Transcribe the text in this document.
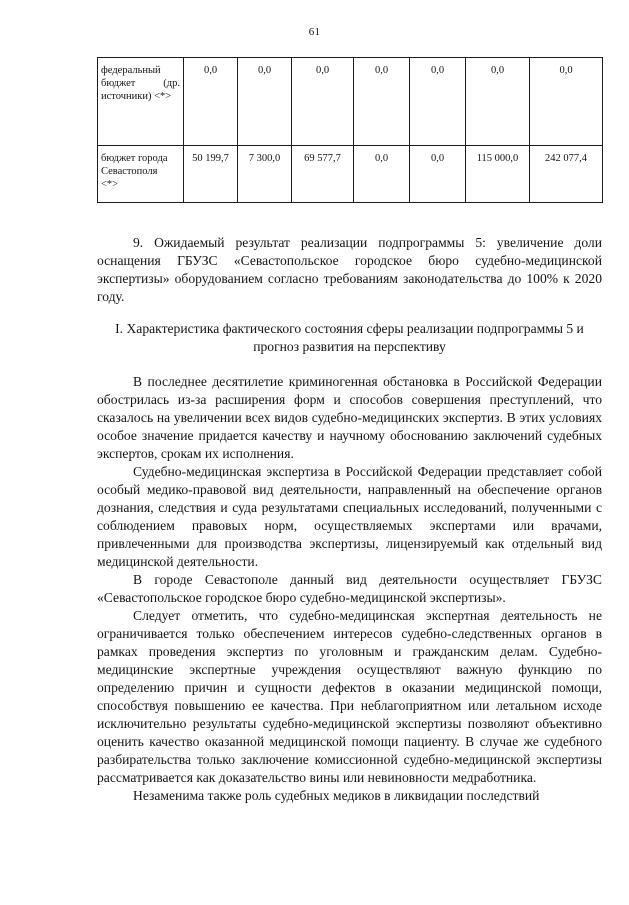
61
федеральный
бюджет (др.
источники) <*>	0,0	0,0	0,0	0,0	0,0	0,0	0,0

бюджет города
Севастополя
<*>	50 199,7	7 300,0	69 577,7	0,0	0,0	115 000,0	242 077,4

9. Ожидаемый результат реализации подпрограммы 5: увеличение доли оснащения ГБУЗС «Севастопольское городское бюро судебно-медицинской экспертизы» оборудованием согласно требованиям законодательства до 100% к 2020 году.

I. Характеристика фактического состояния сферы реализации подпрограммы 5 и прогноз развития на перспективу

В последнее десятилетие криминогенная обстановка в Российской Федерации обострилась из-за расширения форм и способов совершения преступлений, что сказалось на увеличении всех видов судебно-медицинских экспертиз. В этих условиях особое значение придается качеству и научному обоснованию заключений судебных экспертов, срокам их исполнения.

Судебно-медицинская экспертиза в Российской Федерации представляет собой особый медико-правовой вид деятельности, направленный на обеспечение органов дознания, следствия и суда результатами специальных исследований, полученными с соблюдением правовых норм, осуществляемых экспертами или врачами, привлеченными для производства экспертизы, лицензируемый как отдельный вид медицинской деятельности.

В городе Севастополе данный вид деятельности осуществляет ГБУЗС «Севастопольское городское бюро судебно-медицинской экспертизы».

Следует отметить, что судебно-медицинская экспертная деятельность не ограничивается только обеспечением интересов судебно-следственных органов в рамках проведения экспертиз по уголовным и гражданским делам. Судебно-медицинские экспертные учреждения осуществляют важную функцию по определению причин и сущности дефектов в оказании медицинской помощи, способствуя повышению ее качества. При неблагоприятном или летальном исходе исключительно результаты судебно-медицинской экспертизы позволяют объективно оценить качество оказанной медицинской помощи пациенту. В случае же судебного разбирательства только заключение комиссионной судебно-медицинской экспертизы рассматривается как доказательство вины или невиновности медработника.

Незаменима также роль судебных медиков в ликвидации последствий
